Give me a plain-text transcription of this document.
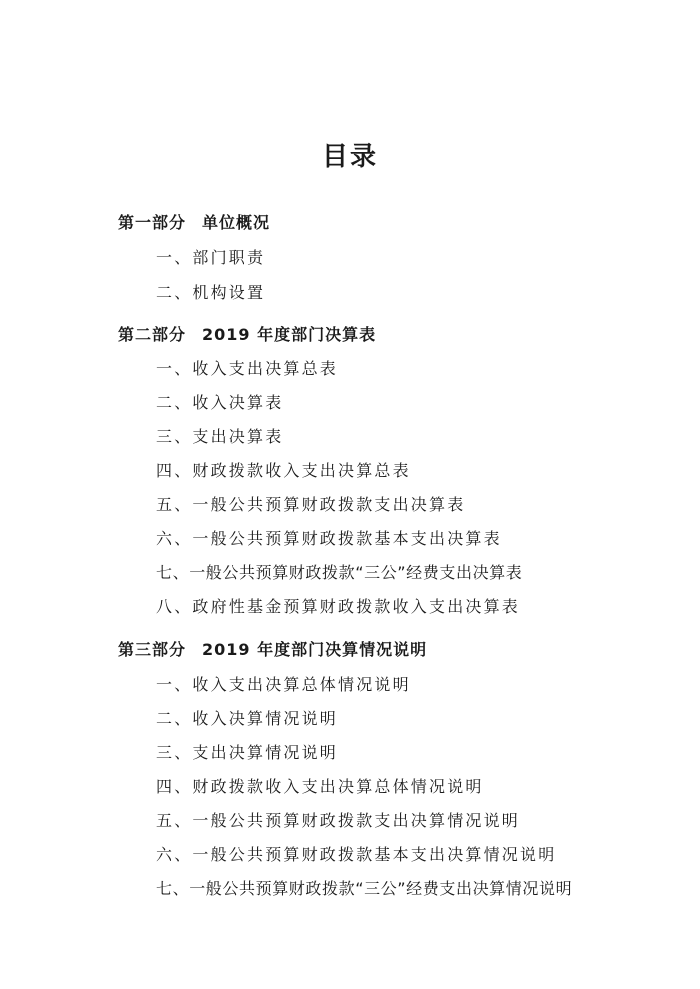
目录
第一部分 单位概况
一、部门职责
二、机构设置
第二部分 2019 年度部门决算表
一、收入支出决算总表
二、收入决算表
三、支出决算表
四、财政拨款收入支出决算总表
五、一般公共预算财政拨款支出决算表
六、一般公共预算财政拨款基本支出决算表
七、一般公共预算财政拨款“三公”经费支出决算表
八、政府性基金预算财政拨款收入支出决算表
第三部分 2019 年度部门决算情况说明
一、收入支出决算总体情况说明
二、收入决算情况说明
三、支出决算情况说明
四、财政拨款收入支出决算总体情况说明
五、一般公共预算财政拨款支出决算情况说明
六、一般公共预算财政拨款基本支出决算情况说明
七、一般公共预算财政拨款“三公”经费支出决算情况说明
